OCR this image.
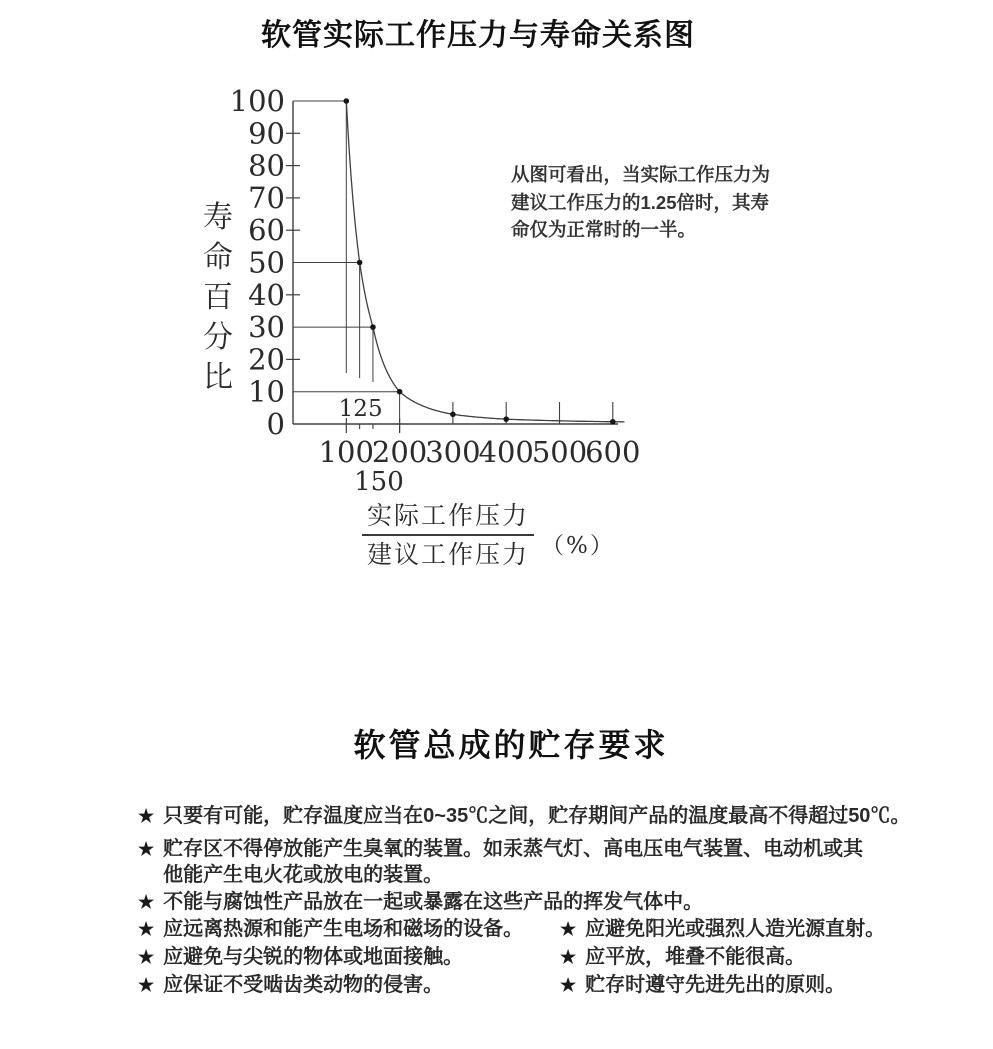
软管实际工作压力与寿命关系图
寿
命
百
分
比
0
10
20
30
40
50
60
70
80
90
100
100
200
300
400
500
600
150
125
从图可看出，当实际工作压力为
建议工作压力的1.25倍时，其寿
命仅为正常时的一半。
实际工作压力
建议工作压力 （%）
软管总成的贮存要求
★ 只要有可能，贮存温度应当在0~35℃之间，贮存期间产品的温度最高不得超过50℃。
★ 贮存区不得停放能产生臭氧的装置。如汞蒸气灯、高电压电气装置、电动机或其他能产生电火花或放电的装置。
★ 不能与腐蚀性产品放在一起或暴露在这些产品的挥发气体中。
★ 应远离热源和能产生电场和磁场的设备。
★ 应避免与尖锐的物体或地面接触。
★ 应保证不受啮齿类动物的侵害。
★ 应避免阳光或强烈人造光源直射。
★ 应平放，堆叠不能很高。
★ 贮存时遵守先进先出的原则。
